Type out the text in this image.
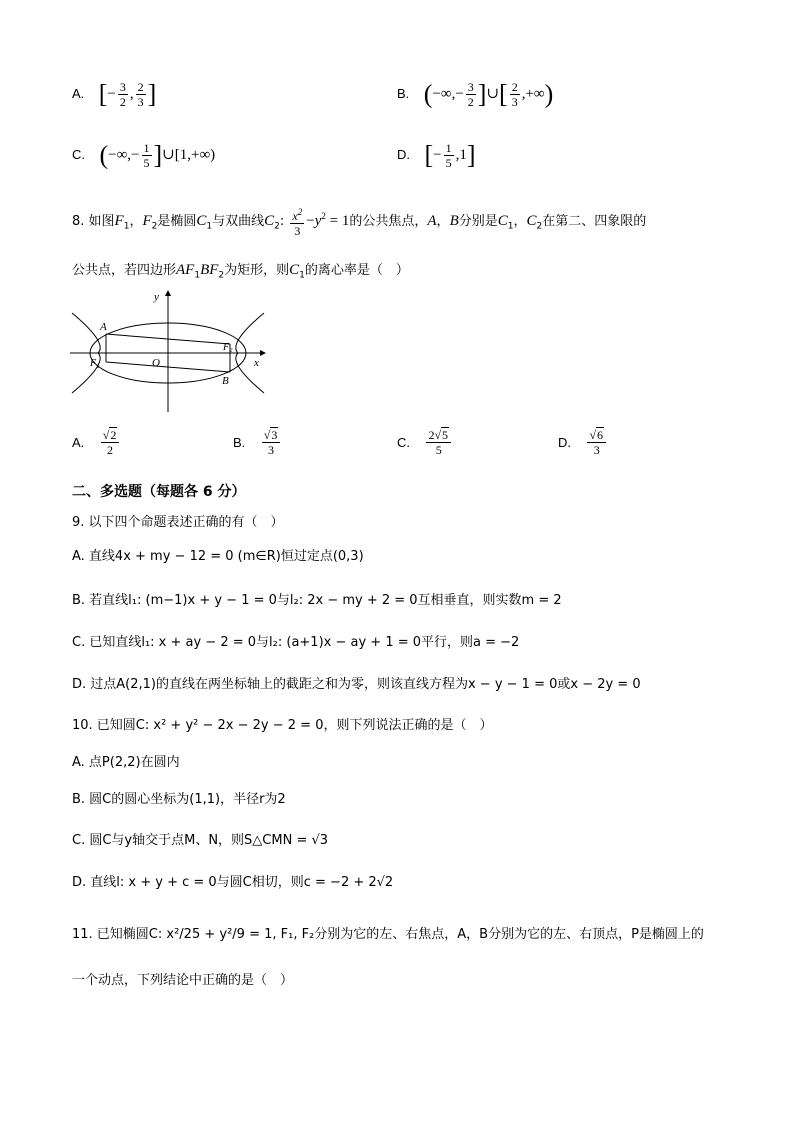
A. [− $\frac{3}{2}$ , $\frac{2}{3}$ ]	B. (−∞,− $\frac{3}{2}$ ]∪[ $\frac{2}{3}$ ,+∞)
C. (−∞,− $\frac{1}{5}$ ]∪[1,+∞)	D. [− $\frac{1}{5} ,1$]
8. 如图$F_1$，$F_2$是椭圆$C_1$与双曲线$C_2$: $\frac{x^2}{3} -y^2 = 1$的公共焦点，A，B分别是$C_1$，$C_2$在第二、四象限的
公共点，若四边形$AF_1BF_2$为矩形，则$C_1$的离心率是（　）
y
x
A
B
O
F₁
F₂
A. $\frac{√2}{2}$	B. $\frac{√3}{3}$	C. $\frac{2√5}{5}$	D. $\frac{√6}{3}$
二、多选题（每题各 6 分）
9. 以下四个命题表述正确的有（　）
A. 直线4x + my − 12 = 0 (m∈R)恒过定点(0,3)
B. 若直线l₁: (m−1)x + y − 1 = 0与l₂: 2x − my + 2 = 0互相垂直，则实数m = 2
C. 已知直线l₁: x + ay − 2 = 0与l₂: (a+1)x − ay + 1 = 0平行，则a = −2
D. 过点A(2,1)的直线在两坐标轴上的截距之和为零，则该直线方程为x − y − 1 = 0或x − 2y = 0
10. 已知圆C: x² + y² − 2x − 2y − 2 = 0，则下列说法正确的是（　）
A. 点P(2,2)在圆内
B. 圆C的圆心坐标为(1,1)，半径r为2
C. 圆C与y轴交于点M、N，则S△CMN = √3
D. 直线l: x + y + c = 0与圆C相切，则c = −2 + 2√2
11. 已知椭圆C: x²/25 + y²/9 = 1, F₁, F₂分别为它的左、右焦点，A，B分别为它的左、右顶点，P是椭圆上的
一个动点，下列结论中正确的是（　）
